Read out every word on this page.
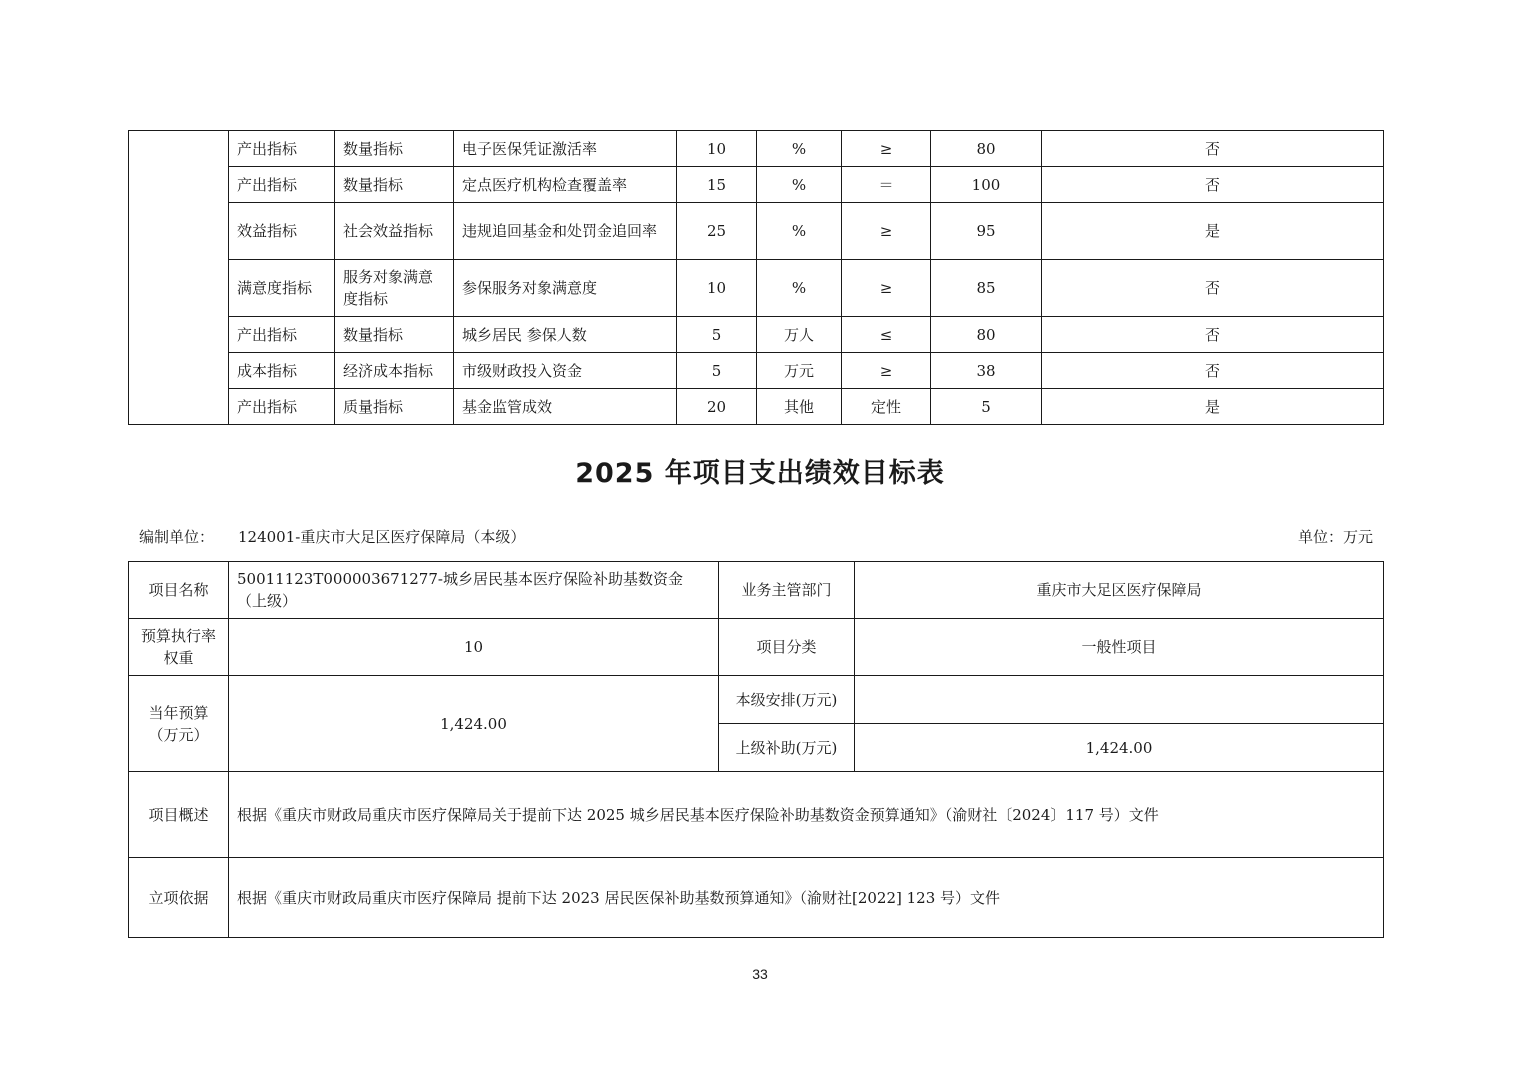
	产出指标	数量指标	电子医保凭证激活率	10	%	≥	80	否
	产出指标	数量指标	定点医疗机构检查覆盖率	15	%	＝	100	否
	效益指标	社会效益指标	违规追回基金和处罚金追回率	25	%	≥	95	是
	满意度指标	服务对象满意度指标	参保服务对象满意度	10	%	≥	85	否
	产出指标	数量指标	城乡居民 参保人数	5	万人	≤	80	否
	成本指标	经济成本指标	市级财政投入资金	5	万元	≥	38	否
	产出指标	质量指标	基金监管成效	20	其他	定性	5	是
2025 年项目支出绩效目标表
编制单位： 124001-重庆市大足区医疗保障局（本级）	单位：万元
项目名称	50011123T000003671277-城乡居民基本医疗保险补助基数资金（上级）	业务主管部门	重庆市大足区医疗保障局
预算执行率权重	10	项目分类	一般性项目
当年预算（万元）	1,424.00	本级安排(万元)	
		上级补助(万元)	1,424.00
项目概述	根据《重庆市财政局重庆市医疗保障局关于提前下达 2025 城乡居民基本医疗保险补助基数资金预算通知》（渝财社〔2024〕117 号）文件		
立项依据	根据《重庆市财政局重庆市医疗保障局 提前下达 2023 居民医保补助基数预算通知》（渝财社[2022] 123 号）文件		
33
